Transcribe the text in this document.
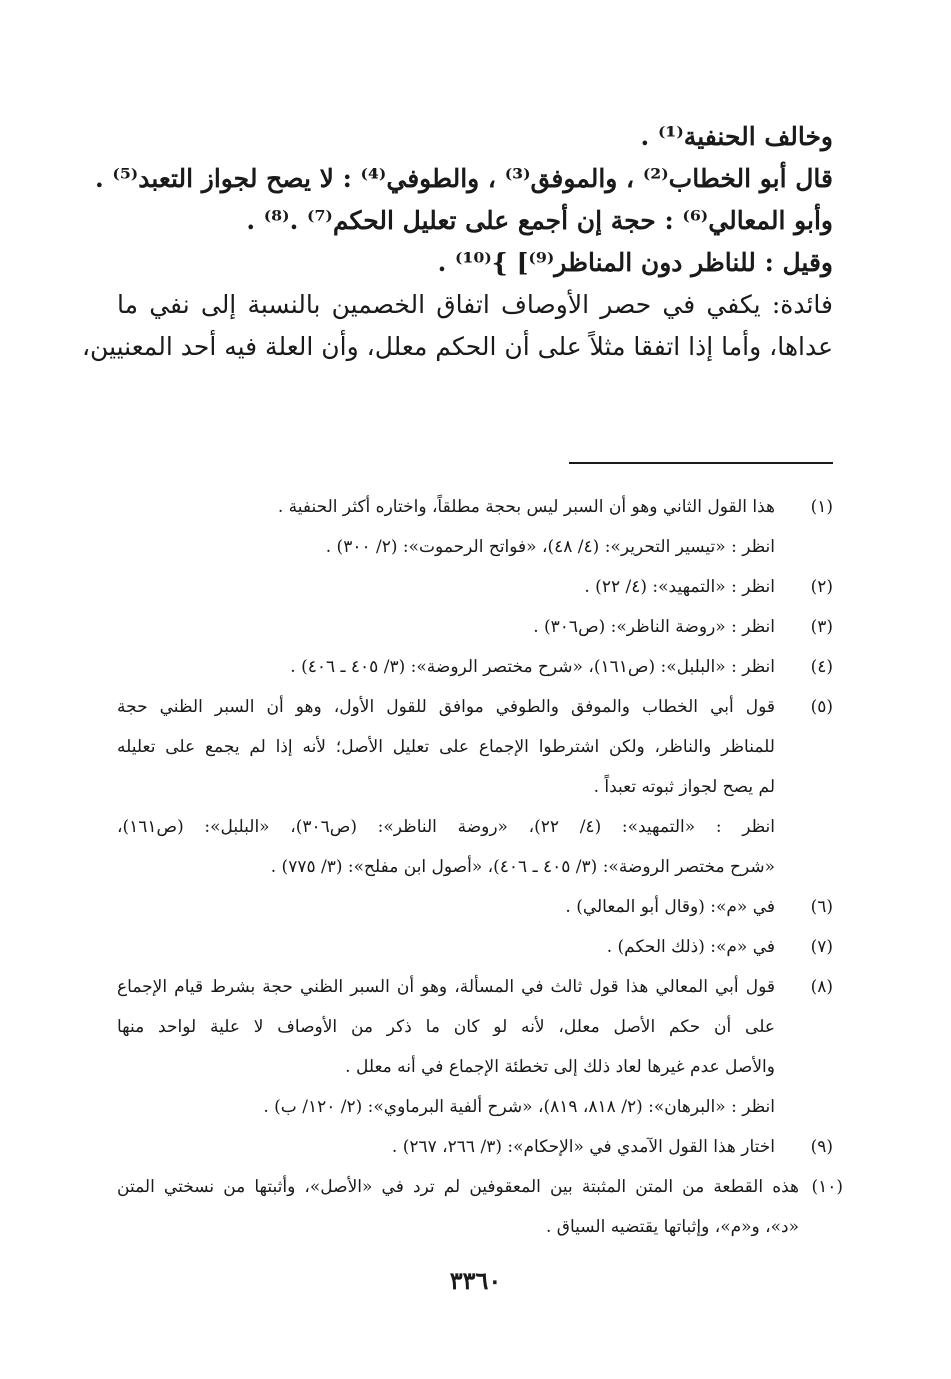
وخالف الحنفية⁽¹⁾ .
قال أبو الخطاب⁽²⁾ ، والموفق⁽³⁾ ، والطوفي⁽⁴⁾ : لا يصح لجواز التعبد⁽⁵⁾ .
وأبو المعالي⁽⁶⁾ : حجة إن أجمع على تعليل الحكم⁽⁷⁾ .⁽⁸⁾ .
وقيل : للناظر دون المناظر⁽⁹⁾] }⁽¹⁰⁾ .
فائدة: يكفي في حصر الأوصاف اتفاق الخصمين بالنسبة إلى نفي ما
عداها، وأما إذا اتفقا مثلاً على أن الحكم معلل، وأن العلة فيه أحد المعنيين،
(١)
هذا القول الثاني وهو أن السبر ليس بحجة مطلقاً، واختاره أكثر الحنفية .
انظر : «تيسير التحرير»: (٤/ ٤٨)، «فواتح الرحموت»: (٢/ ٣٠٠) .
(٢)
انظر : «التمهيد»: (٤/ ٢٢) .
(٣)
انظر : «روضة الناظر»: (ص٣٠٦) .
(٤)
انظر : «البلبل»: (ص١٦١)، «شرح مختصر الروضة»: (٣/ ٤٠٥ ـ ٤٠٦) .
(٥)
قول أبي الخطاب والموفق والطوفي موافق للقول الأول، وهو أن السبر الظني حجة
للمناظر والناظر، ولكن اشترطوا الإجماع على تعليل الأصل؛ لأنه إذا لم يجمع على تعليله
لم يصح لجواز ثبوته تعبداً .
انظر : «التمهيد»: (٤/ ٢٢)، «روضة الناظر»: (ص٣٠٦)، «البلبل»: (ص١٦١)،
«شرح مختصر الروضة»: (٣/ ٤٠٥ ـ ٤٠٦)، «أصول ابن مفلح»: (٣/ ٧٧٥) .
(٦)
في «م»: (وقال أبو المعالي) .
(٧)
في «م»: (ذلك الحكم) .
(٨)
قول أبي المعالي هذا قول ثالث في المسألة، وهو أن السبر الظني حجة بشرط قيام الإجماع
على أن حكم الأصل معلل، لأنه لو كان ما ذكر من الأوصاف لا علية لواحد منها
والأصل عدم غيرها لعاد ذلك إلى تخطئة الإجماع في أنه معلل .
انظر : «البرهان»: (٢/ ٨١٨، ٨١٩)، «شرح ألفية البرماوي»: (٢/ ١٢٠/ ب) .
(٩)
اختار هذا القول الآمدي في «الإحكام»: (٣/ ٢٦٦، ٢٦٧) .
(١٠)
هذه القطعة من المتن المثبتة بين المعقوفين لم ترد في «الأصل»، وأثبتها من نسختي المتن
«د»، و«م»، وإثباتها يقتضيه السياق .
٣٣٦٠
